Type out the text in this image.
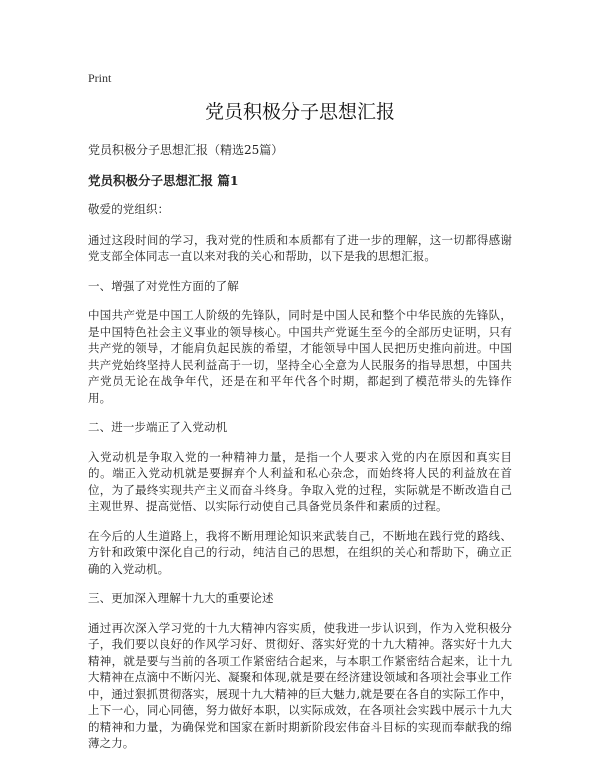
Print
党员积极分子思想汇报
党员积极分子思想汇报（精选25篇）
党员积极分子思想汇报 篇1

敬爱的党组织：

通过这段时间的学习，我对党的性质和本质都有了进一步的理解，这一切都得感谢党支部全体同志一直以来对我的关心和帮助，以下是我的思想汇报。

一、增强了对党性方面的了解

中国共产党是中国工人阶级的先锋队，同时是中国人民和整个中华民族的先锋队，是中国特色社会主义事业的领导核心。中国共产党诞生至今的全部历史证明，只有共产党的领导，才能肩负起民族的希望，才能领导中国人民把历史推向前进。中国共产党始终坚持人民利益高于一切，坚持全心全意为人民服务的指导思想，中国共产党员无论在战争年代，还是在和平年代各个时期，都起到了模范带头的先锋作用。

二、进一步端正了入党动机

入党动机是争取入党的一种精神力量，是指一个人要求入党的内在原因和真实目的。端正入党动机就是要摒弃个人利益和私心杂念，而始终将人民的利益放在首位，为了最终实现共产主义而奋斗终身。争取入党的过程，实际就是不断改造自己主观世界、提高觉悟、以实际行动使自己具备党员条件和素质的过程。

在今后的人生道路上，我将不断用理论知识来武装自己，不断地在践行党的路线、方针和政策中深化自己的行动，纯洁自己的思想，在组织的关心和帮助下，确立正确的入党动机。

三、更加深入理解十九大的重要论述

通过再次深入学习党的十九大精神内容实质，使我进一步认识到，作为入党积极分子，我们要以良好的作风学习好、贯彻好、落实好党的十九大精神。落实好十九大精神，就是要与当前的各项工作紧密结合起来，与本职工作紧密结合起来，让十九大精神在点滴中不断闪光、凝聚和体现,就是要在经济建设领域和各项社会事业工作中，通过狠抓贯彻落实，展现十九大精神的巨大魅力,就是要在各自的实际工作中，上下一心，同心同德，努力做好本职，以实际成效，在各项社会实践中展示十九大的精神和力量，为确保党和国家在新时期新阶段宏伟奋斗目标的实现而奉献我的绵薄之力。
